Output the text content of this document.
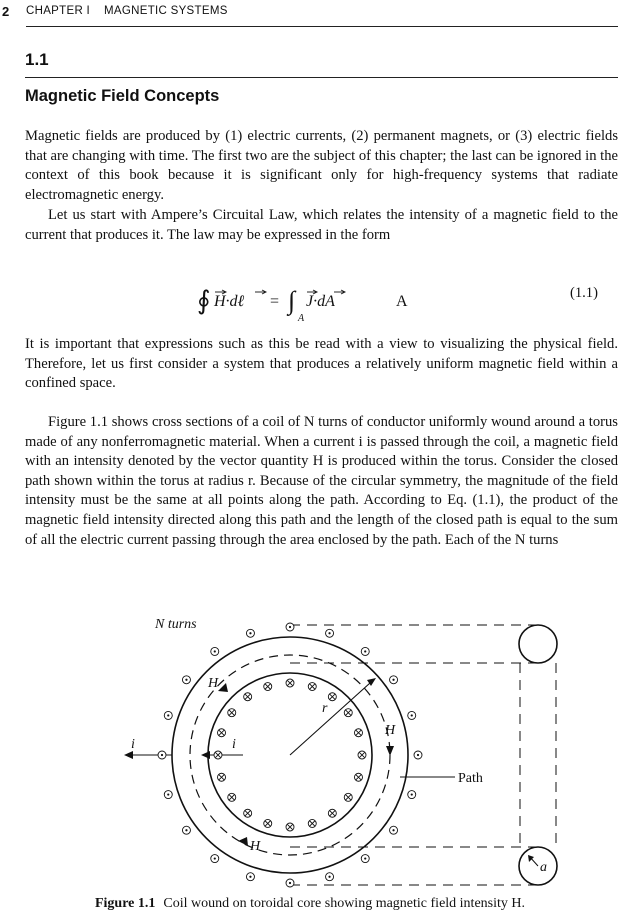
2 CHAPTER I MAGNETIC SYSTEMS
1.1
Magnetic Field Concepts

Magnetic fields are produced by (1) electric currents, (2) permanent magnets, or (3) electric fields that are changing with time. The first two are the subject of this chapter; the last can be ignored in the context of this book because it is significant only for high-frequency systems that radiate electromagnetic energy.

Let us start with Ampere’s Circuital Law, which relates the intensity of a magnetic field to the current that produces it. The law may be expressed in the form

∮ H·dℓ = ∫
A
J·dA	A	(1.1)

It is important that expressions such as this be read with a view to visualizing the physical field. Therefore, let us first consider a system that produces a relatively uniform magnetic field within a confined space.

Figure 1.1 shows cross sections of a coil of N turns of conductor uniformly wound around a torus made of any nonferromagnetic material. When a current i is passed through the coil, a magnetic field with an intensity denoted by the vector quantity H is produced within the torus. Consider the closed path shown within the torus at radius r. Because of the circular symmetry, the magnitude of the field intensity must be the same at all points along the path. According to Eq. (1.1), the product of the magnetic field intensity directed along this path and the length of the closed path is equal to the sum of all the electric current passing through the area enclosed by the path. Each of the N turns

N turns
H
H
H
r
i	i
Path
a
Figure 1.1 Coil wound on toroidal core showing magnetic field intensity H.
